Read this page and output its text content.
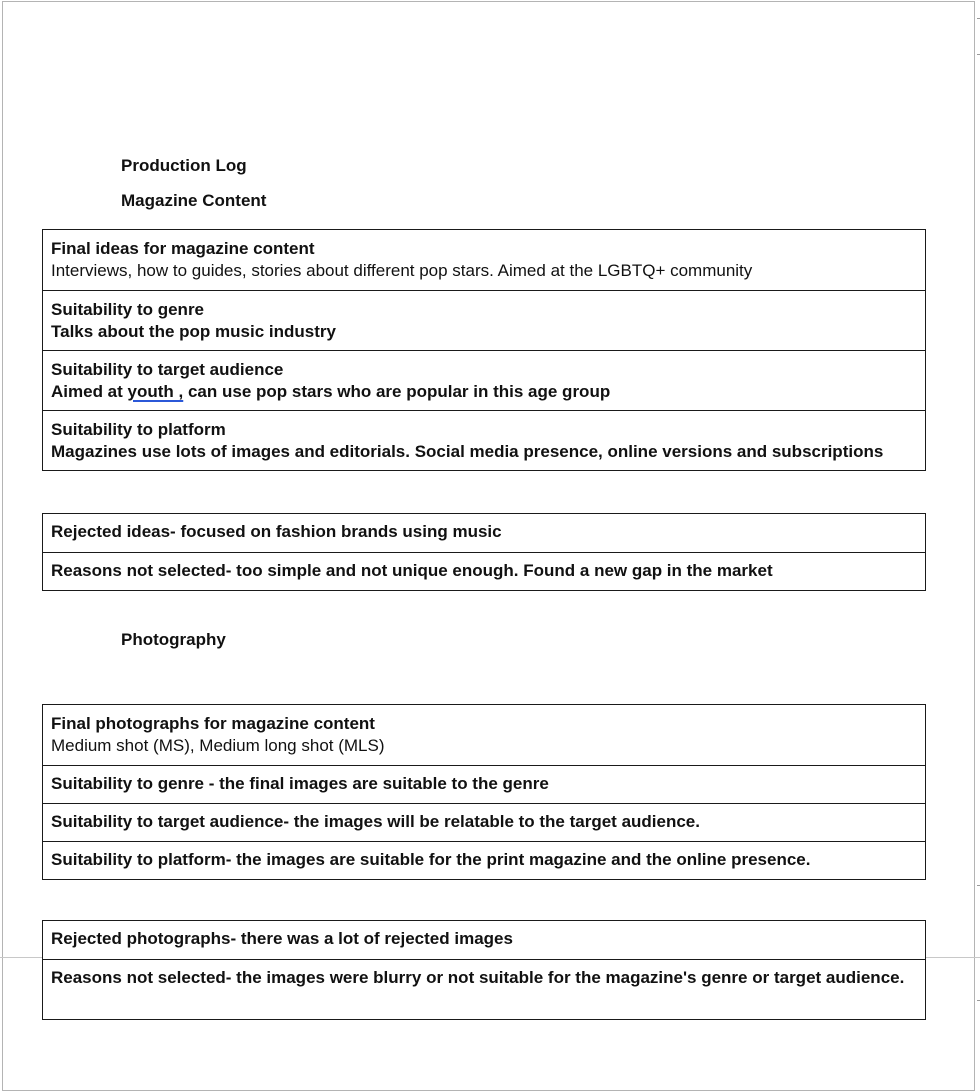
Production Log
Magazine Content
Final ideas for magazine content
Interviews, how to guides, stories about different pop stars. Aimed at the LGBTQ+ community
Suitability to genre
Talks about the pop music industry
Suitability to target audience
Aimed at youth , can use pop stars who are popular in this age group
Suitability to platform
Magazines use lots of images and editorials. Social media presence, online versions and subscriptions
Rejected ideas- focused on fashion brands using music
Reasons not selected- too simple and not unique enough. Found a new gap in the market
Photography
Final photographs for magazine content
Medium shot (MS), Medium long shot (MLS)
Suitability to genre - the final images are suitable to the genre
Suitability to target audience- the images will be relatable to the target audience.
Suitability to platform- the images are suitable for the print magazine and the online presence.
Rejected photographs- there was a lot of rejected images
Reasons not selected- the images were blurry or not suitable for the magazine's genre or target audience.
